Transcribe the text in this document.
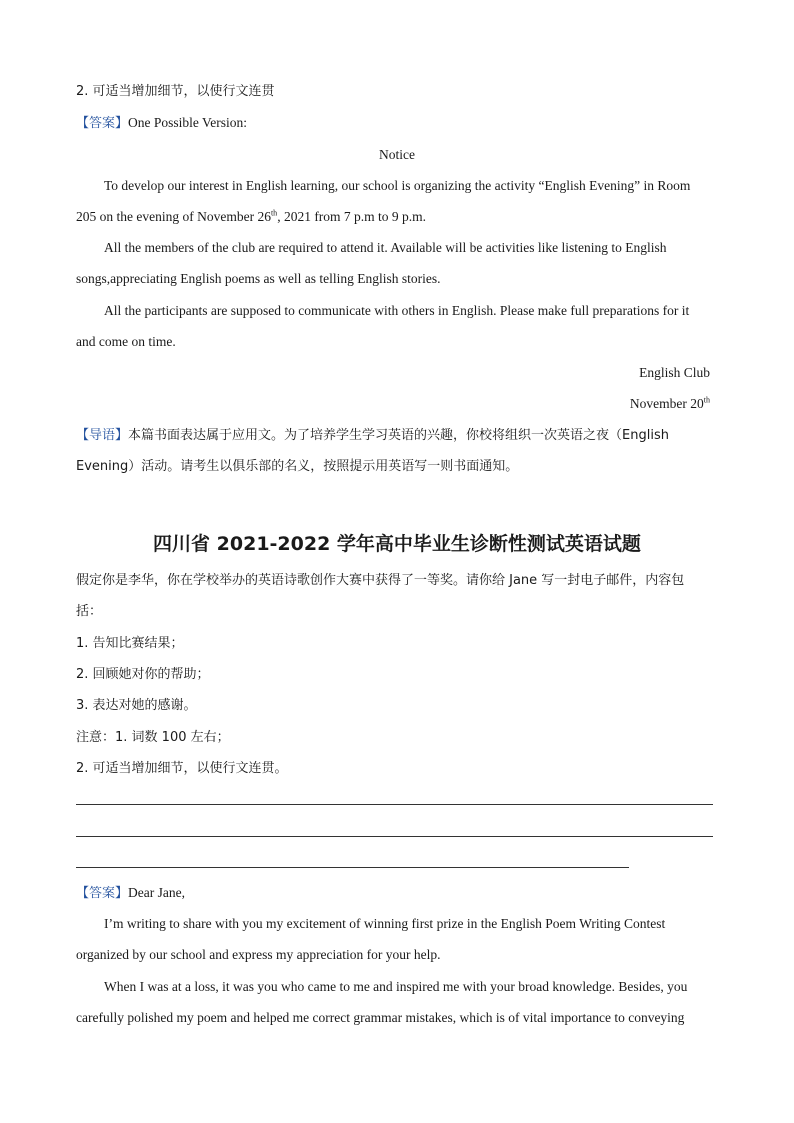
2. 可适当增加细节，以使行文连贯
【答案】One Possible Version:
Notice
To develop our interest in English learning, our school is organizing the activity “English Evening” in Room
205 on the evening of November 26th, 2021 from 7 p.m to 9 p.m.
All the members of the club are required to attend it. Available will be activities like listening to English
songs,appreciating English poems as well as telling English stories.
All the participants are supposed to communicate with others in English. Please make full preparations for it
and come on time.
English Club
November 20th
【导语】本篇书面表达属于应用文。为了培养学生学习英语的兴趣，你校将组织一次英语之夜（English
Evening）活动。请考生以俱乐部的名义，按照提示用英语写一则书面通知。
四川省 2021-2022 学年高中毕业生诊断性测试英语试题
假定你是李华，你在学校举办的英语诗歌创作大赛中获得了一等奖。请你给 Jane 写一封电子邮件，内容包
括：
1. 告知比赛结果；
2. 回顾她对你的帮助；
3. 表达对她的感谢。
注意：1. 词数 100 左右；
2. 可适当增加细节，以使行文连贯。
【答案】Dear Jane,
I’m writing to share with you my excitement of winning first prize in the English Poem Writing Contest
organized by our school and express my appreciation for your help.
When I was at a loss, it was you who came to me and inspired me with your broad knowledge. Besides, you
carefully polished my poem and helped me correct grammar mistakes, which is of vital importance to conveying
